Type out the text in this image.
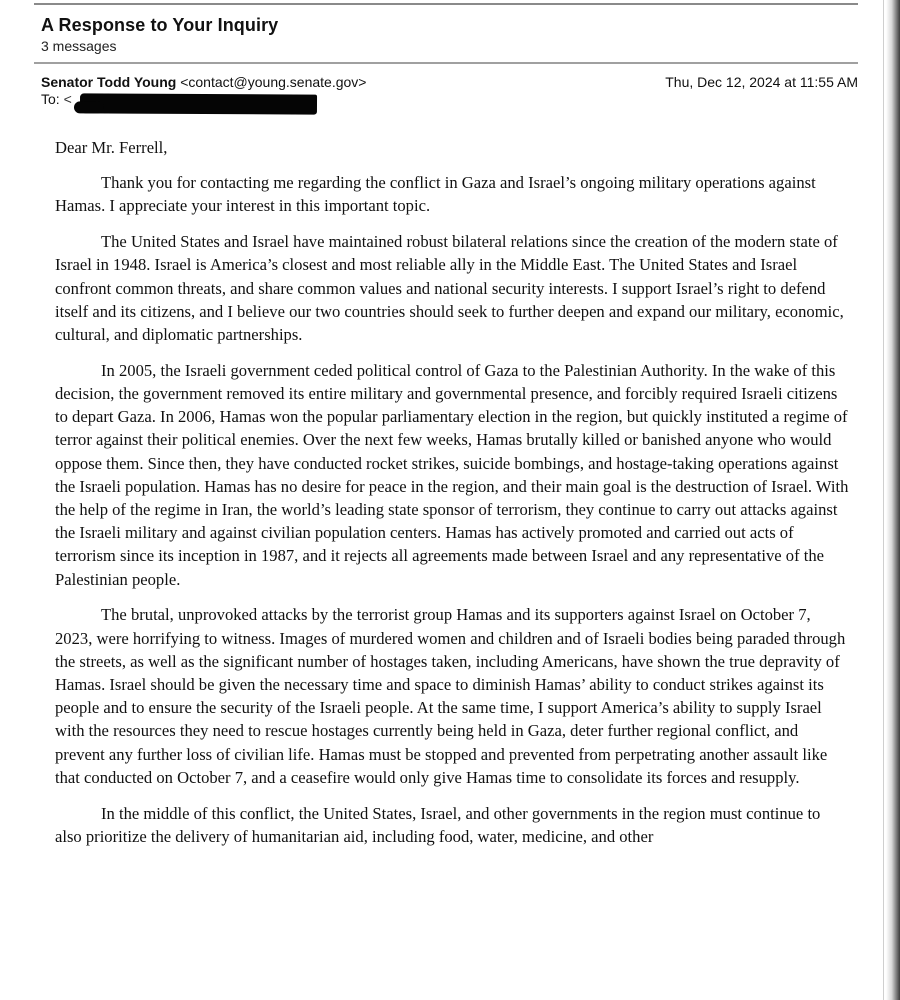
A Response to Your Inquiry
3 messages
Senator Todd Young <contact@young.senate.gov>	Thu, Dec 12, 2024 at 11:55 AM
To: <

Dear Mr. Ferrell,

Thank you for contacting me regarding the conflict in Gaza and Israel’s ongoing military operations against Hamas. I appreciate your interest in this important topic.

The United States and Israel have maintained robust bilateral relations since the creation of the modern state of Israel in 1948. Israel is America’s closest and most reliable ally in the Middle East. The United States and Israel confront common threats, and share common values and national security interests. I support Israel’s right to defend itself and its citizens, and I believe our two countries should seek to further deepen and expand our military, economic, cultural, and diplomatic partnerships.

In 2005, the Israeli government ceded political control of Gaza to the Palestinian Authority. In the wake of this decision, the government removed its entire military and governmental presence, and forcibly required Israeli citizens to depart Gaza. In 2006, Hamas won the popular parliamentary election in the region, but quickly instituted a regime of terror against their political enemies. Over the next few weeks, Hamas brutally killed or banished anyone who would oppose them. Since then, they have conducted rocket strikes, suicide bombings, and hostage-taking operations against the Israeli population. Hamas has no desire for peace in the region, and their main goal is the destruction of Israel. With the help of the regime in Iran, the world’s leading state sponsor of terrorism, they continue to carry out attacks against the Israeli military and against civilian population centers. Hamas has actively promoted and carried out acts of terrorism since its inception in 1987, and it rejects all agreements made between Israel and any representative of the Palestinian people.

The brutal, unprovoked attacks by the terrorist group Hamas and its supporters against Israel on October 7, 2023, were horrifying to witness. Images of murdered women and children and of Israeli bodies being paraded through the streets, as well as the significant number of hostages taken, including Americans, have shown the true depravity of Hamas. Israel should be given the necessary time and space to diminish Hamas’ ability to conduct strikes against its people and to ensure the security of the Israeli people. At the same time, I support America’s ability to supply Israel with the resources they need to rescue hostages currently being held in Gaza, deter further regional conflict, and prevent any further loss of civilian life. Hamas must be stopped and prevented from perpetrating another assault like that conducted on October 7, and a ceasefire would only give Hamas time to consolidate its forces and resupply.

In the middle of this conflict, the United States, Israel, and other governments in the region must continue to also prioritize the delivery of humanitarian aid, including food, water, medicine, and other
